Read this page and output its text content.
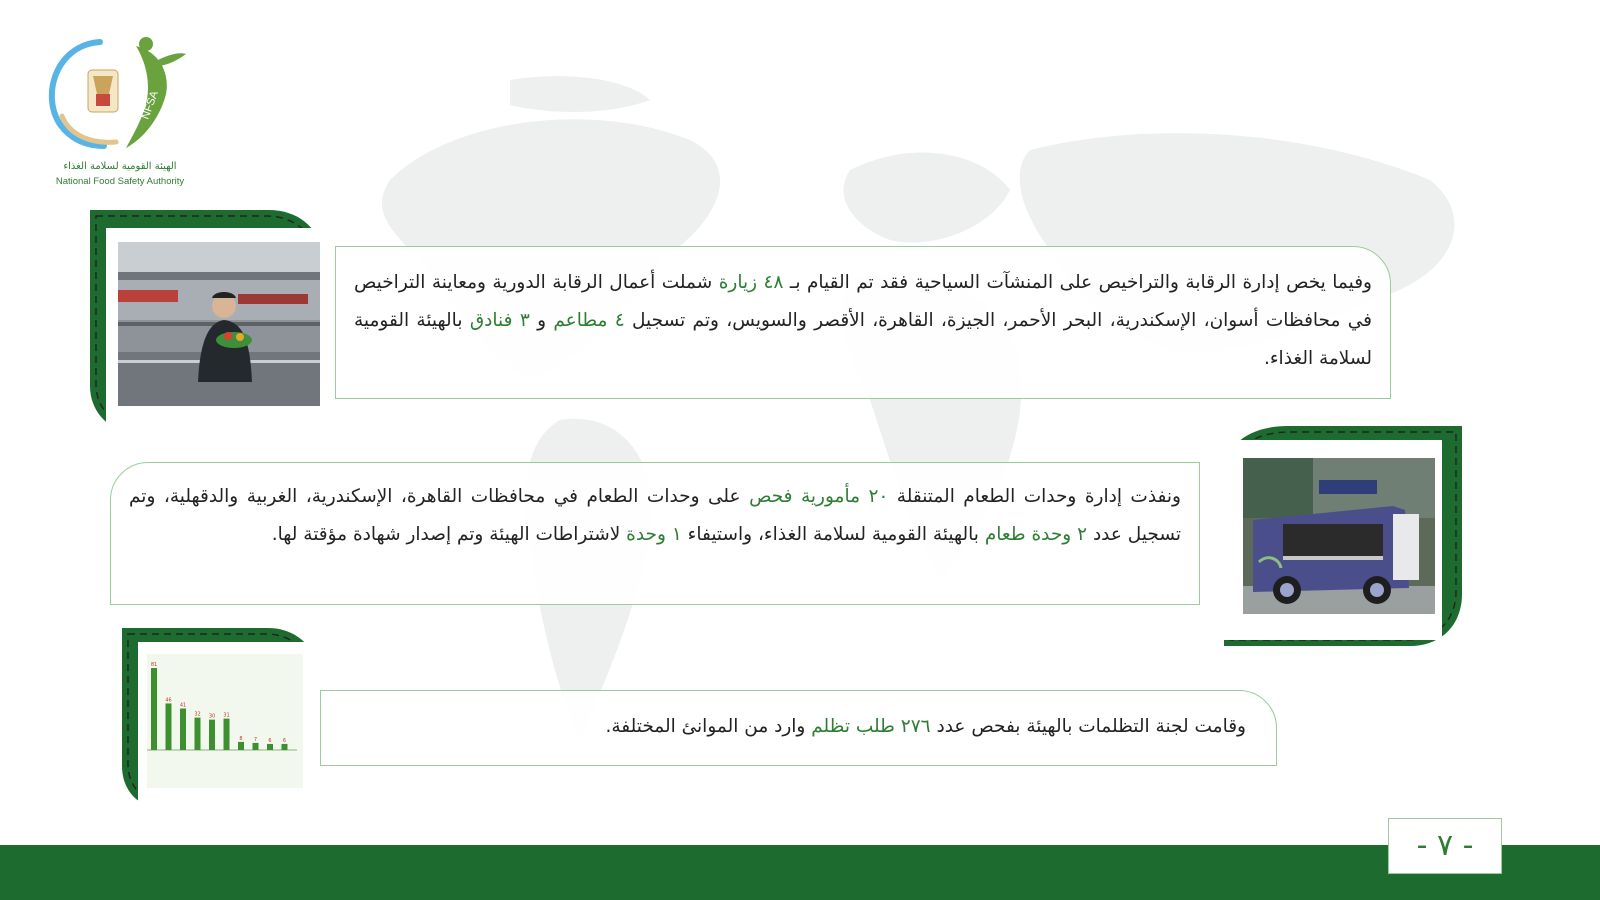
NFSA
الهيئة القومية لسلامة الغذاء
National Food Safety Authority

وفيما يخص إدارة الرقابة والتراخيص على المنشآت السياحية فقد تم القيام بـ ٤٨ زيارة شملت أعمال الرقابة الدورية ومعاينة التراخيص في محافظات أسوان، الإسكندرية، البحر الأحمر، الجيزة، القاهرة، الأقصر والسويس، وتم تسجيل ٤ مطاعم و ٣ فنادق بالهيئة القومية لسلامة الغذاء.

ونفذت إدارة وحدات الطعام المتنقلة ٢٠ مأمورية فحص على وحدات الطعام في محافظات القاهرة، الإسكندرية، الغربية والدقهلية، وتم تسجيل عدد ٢ وحدة طعام بالهيئة القومية لسلامة الغذاء، واستيفاء ١ وحدة لاشتراطات الهيئة وتم إصدار شهادة مؤقتة لها.

81
46
41
32 30 31
8 7 6 6

وقامت لجنة التظلمات بالهيئة بفحص عدد ٢٧٦ طلب تظلم وارد من الموانئ المختلفة.

- ٧ -
